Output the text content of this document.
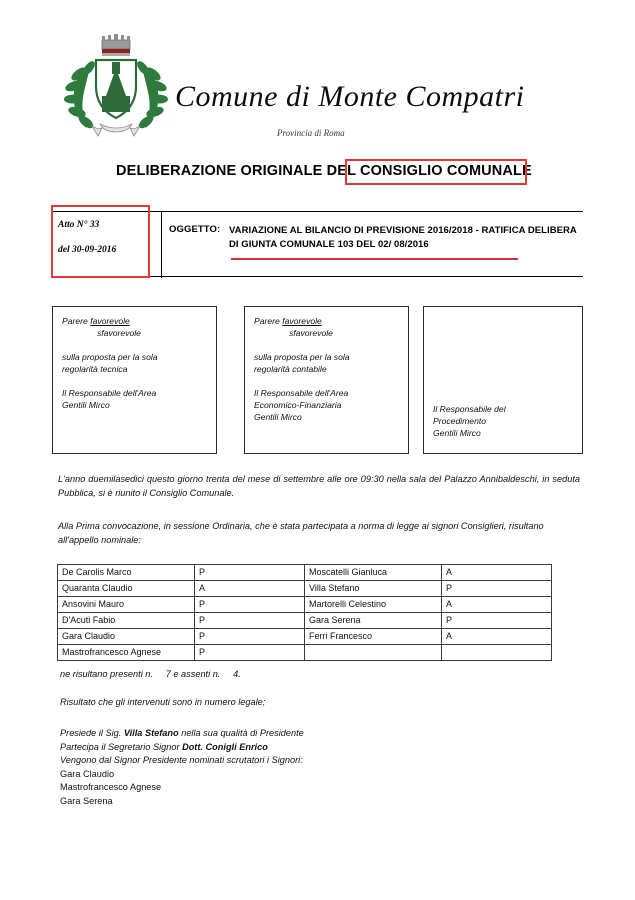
Comune di Monte Compatri
Provincia di Roma
DELIBERAZIONE ORIGINALE DEL CONSIGLIO COMUNALE
Atto N° 33
del 30-09-2016
OGGETTO: VARIAZIONE AL BILANCIO DI PREVISIONE 2016/2018 - RATIFICA DELIBERA DI GIUNTA COMUNALE 103 DEL 02/ 08/2016
Parere favorevole
sfavorevole
sulla proposta per la sola
regolarità tecnica
Il Responsabile dell'Area
Gentili Mirco
Parere favorevole
sfavorevole
sulla proposta per la sola
regolarità contabile
Il Responsabile dell'Area
Economico-Finanziaria
Gentili Mirco
Il Responsabile del
Procedimento
Gentili Mirco
L'anno duemilasedici questo giorno trenta del mese di settembre alle ore 09:30 nella sala del Palazzo Annibaldeschi, in seduta Pubblica, si è riunito il Consiglio Comunale.
Alla Prima convocazione, in sessione Ordinaria, che è stata partecipata a norma di legge ai signori Consiglieri, risultano all'appello nominale:
De Carolis Marco	P	Moscatelli Gianluca	A
Quaranta Claudio	A	Villa Stefano	P
Ansovini Mauro	P	Martorelli Celestino	A
D'Acuti Fabio	P	Gara Serena	P
Gara Claudio	P	Ferri Francesco	A
Mastrofrancesco Agnese	P		
ne risultano presenti n.     7 e assenti n.     4.
Risultato che gli intervenuti sono in numero legale;
Presiede il Sig. Villa Stefano nella sua qualità di Presidente
Partecipa il Segretario Signor Dott. Conigli Enrico
Vengono dal Signor Presidente nominati scrutatori i Signori:
Gara Claudio
Mastrofrancesco Agnese
Gara Serena
